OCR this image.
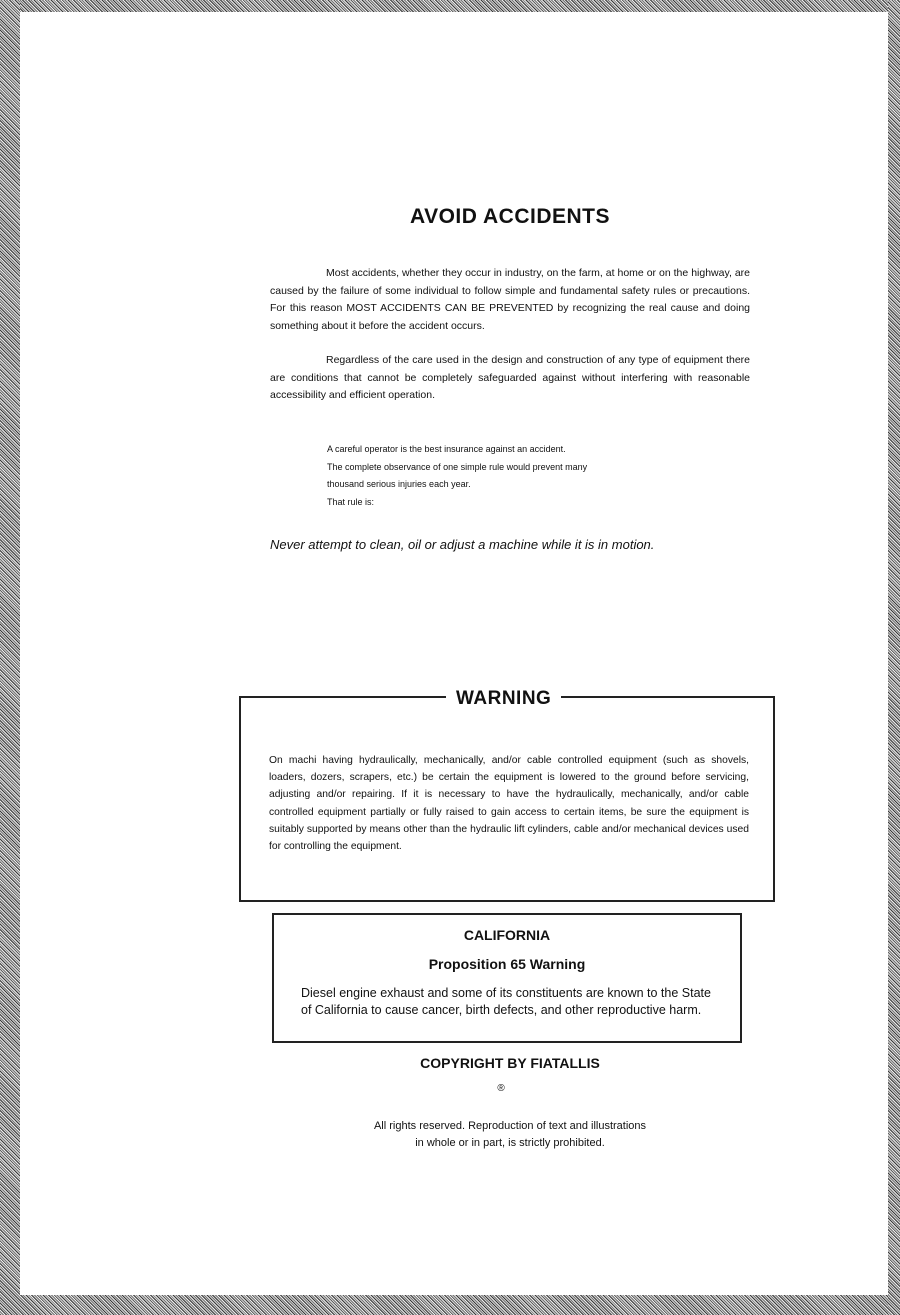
AVOID ACCIDENTS

Most accidents, whether they occur in industry, on the farm, at home or on the highway, are caused by the failure of some individual to follow simple and fundamental safety rules or precautions. For this reason MOST ACCIDENTS CAN BE PREVENTED by recognizing the real cause and doing something about it before the accident occurs.

Regardless of the care used in the design and construction of any type of equipment there are conditions that cannot be completely safeguarded against without interfering with reasonable accessibility and efficient operation.

A careful operator is the best insurance against an accident.
The complete observance of one simple rule would prevent many
thousand serious injuries each year.
That rule is:
Never attempt to clean, oil or adjust a machine while it is in motion.
WARNING

On machi having hydraulically, mechanically, and/or cable controlled equipment (such as shovels, loaders, dozers, scrapers, etc.) be certain the equipment is lowered to the ground before servicing, adjusting and/or repairing. If it is necessary to have the hydraulically, mechanically, and/or cable controlled equipment partially or fully raised to gain access to certain items, be sure the equipment is suitably supported by means other than the hydraulic lift cylinders, cable and/or mechanical devices used for controlling the equipment.

CALIFORNIA
Proposition 65 Warning

Diesel engine exhaust and some of its constituents are known to the State of California to cause cancer, birth defects, and other reproductive harm.

COPYRIGHT BY FIATALLIS
®
All rights reserved. Reproduction of text and illustrations
in whole or in part, is strictly prohibited.
